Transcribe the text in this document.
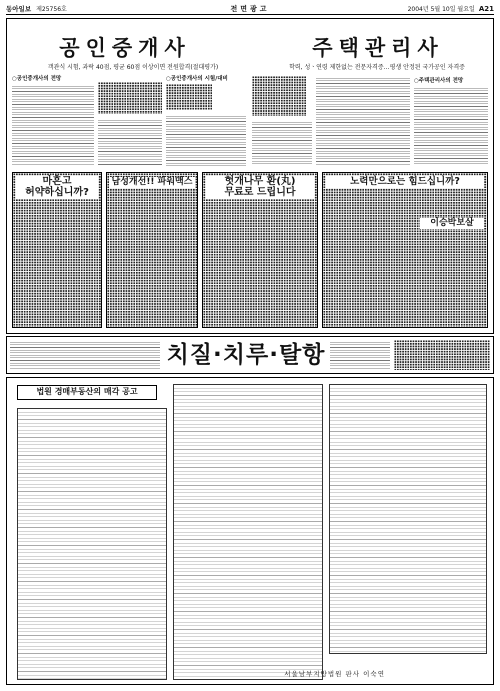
동아일보 제25756호	전면광고	2004년 5월 10일 월요일 A21
공인중개사
객관식 시험, 과락 40점, 평균 60점 이상이면 전원합격(절대평가)
○공인중개사의 전망	○공인중개사의 시험/대비
주택관리사
학력, 성ㆍ연령 제한없는 전문자격증…평생 안정된 국가공인 자격증
○주택관리사의 전망
마흔고
허약하십니까?
남성개선!! 파워맥스	헛개나무 환(丸)
무료로 드립니다
노력만으로는 힘드십니까?
이승박보살
치질·치루·탈항
법원 경매부동산의 매각 공고
서울남부지방법원 판사 이숙연
